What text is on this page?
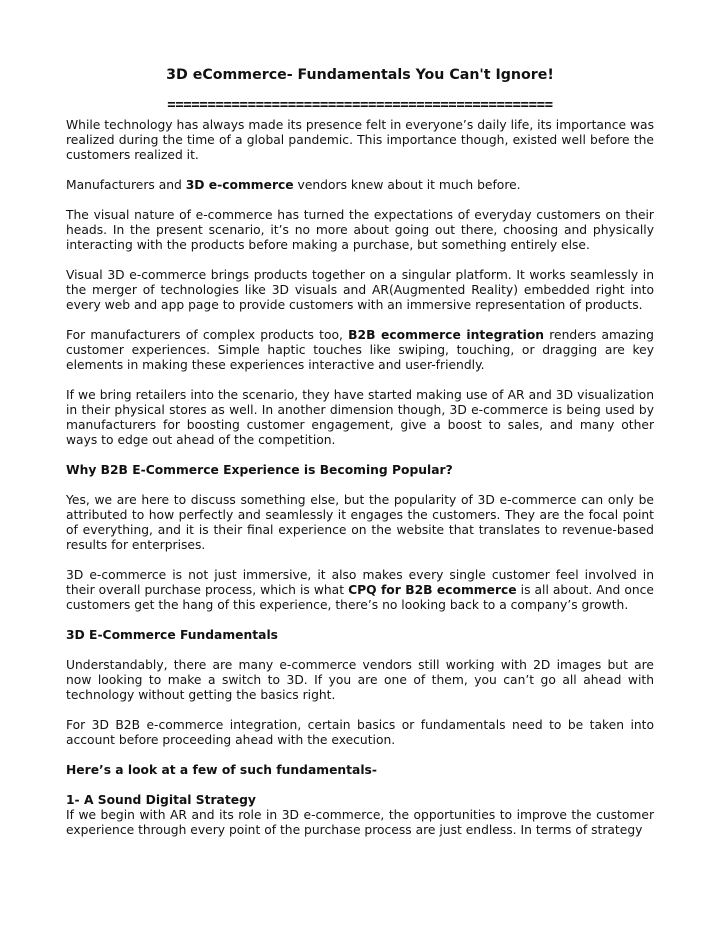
3D eCommerce- Fundamentals You Can't Ignore!
================================================

While technology has always made its presence felt in everyone’s daily life, its importance was realized during the time of a global pandemic. This importance though, existed well before the customers realized it.

Manufacturers and 3D e-commerce vendors knew about it much before.

The visual nature of e-commerce has turned the expectations of everyday customers on their heads. In the present scenario, it’s no more about going out there, choosing and physically interacting with the products before making a purchase, but something entirely else.

Visual 3D e-commerce brings products together on a singular platform. It works seamlessly in the merger of technologies like 3D visuals and AR(Augmented Reality) embedded right into every web and app page to provide customers with an immersive representation of products.

For manufacturers of complex products too, B2B ecommerce integration renders amazing customer experiences. Simple haptic touches like swiping, touching, or dragging are key elements in making these experiences interactive and user-friendly.

If we bring retailers into the scenario, they have started making use of AR and 3D visualization in their physical stores as well. In another dimension though, 3D e-commerce is being used by manufacturers for boosting customer engagement, give a boost to sales, and many other ways to edge out ahead of the competition.

Why B2B E-Commerce Experience is Becoming Popular?

Yes, we are here to discuss something else, but the popularity of 3D e-commerce can only be attributed to how perfectly and seamlessly it engages the customers. They are the focal point of everything, and it is their final experience on the website that translates to revenue-based results for enterprises.

3D e-commerce is not just immersive, it also makes every single customer feel involved in their overall purchase process, which is what CPQ for B2B ecommerce is all about. And once customers get the hang of this experience, there’s no looking back to a company’s growth.

3D E-Commerce Fundamentals

Understandably, there are many e-commerce vendors still working with 2D images but are now looking to make a switch to 3D. If you are one of them, you can’t go all ahead with technology without getting the basics right.

For 3D B2B e-commerce integration, certain basics or fundamentals need to be taken into account before proceeding ahead with the execution.

Here’s a look at a few of such fundamentals-

1- A Sound Digital Strategy

If we begin with AR and its role in 3D e-commerce, the opportunities to improve the customer experience through every point of the purchase process are just endless. In terms of strategy
